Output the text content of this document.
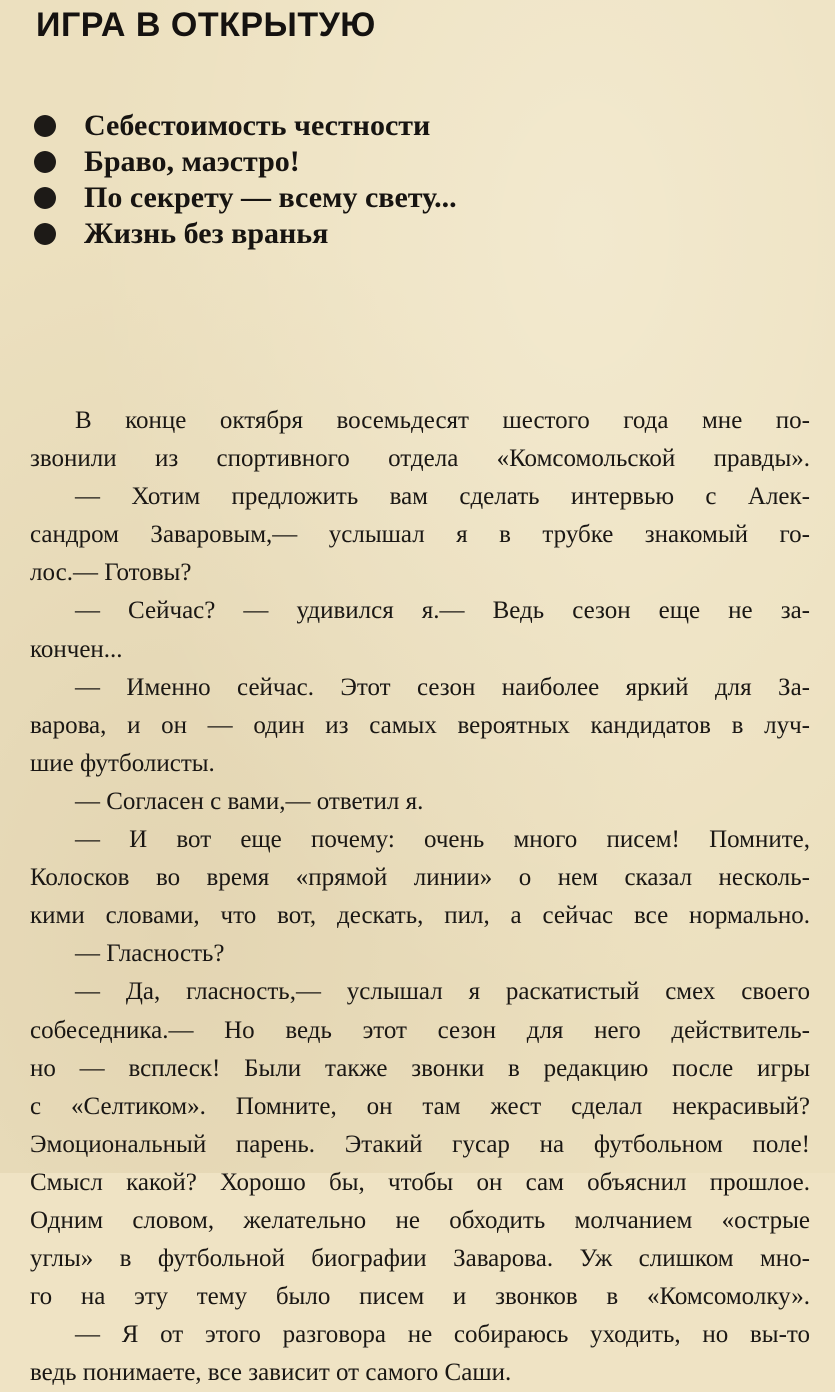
ИГРА В ОТКРЫТУЮ
Себестоимость честности
Браво, маэстро!
По секрету — всему свету...
Жизнь без вранья
В конце октября восемьдесят шестого года мне по-
звонили из спортивного отдела «Комсомольской правды».
— Хотим предложить вам сделать интервью с Алек-
сандром Заваровым,— услышал я в трубке знакомый го-
лос.— Готовы?
— Сейчас? — удивился я.— Ведь сезон еще не за-
кончен...
— Именно сейчас. Этот сезон наиболее яркий для За-
варова, и он — один из самых вероятных кандидатов в луч-
шие футболисты.
— Согласен с вами,— ответил я.
— И вот еще почему: очень много писем! Помните,
Колосков во время «прямой линии» о нем сказал несколь-
кими словами, что вот, дескать, пил, а сейчас все нормально.
— Гласность?
— Да, гласность,— услышал я раскатистый смех своего
собеседника.— Но ведь этот сезон для него действитель-
но — всплеск! Были также звонки в редакцию после игры
с «Селтиком». Помните, он там жест сделал некрасивый?
Эмоциональный парень. Этакий гусар на футбольном поле!
Смысл какой? Хорошо бы, чтобы он сам объяснил прошлое.
Одним словом, желательно не обходить молчанием «острые
углы» в футбольной биографии Заварова. Уж слишком мно-
го на эту тему было писем и звонков в «Комсомолку».
— Я от этого разговора не собираюсь уходить, но вы-то
ведь понимаете, все зависит от самого Саши.
